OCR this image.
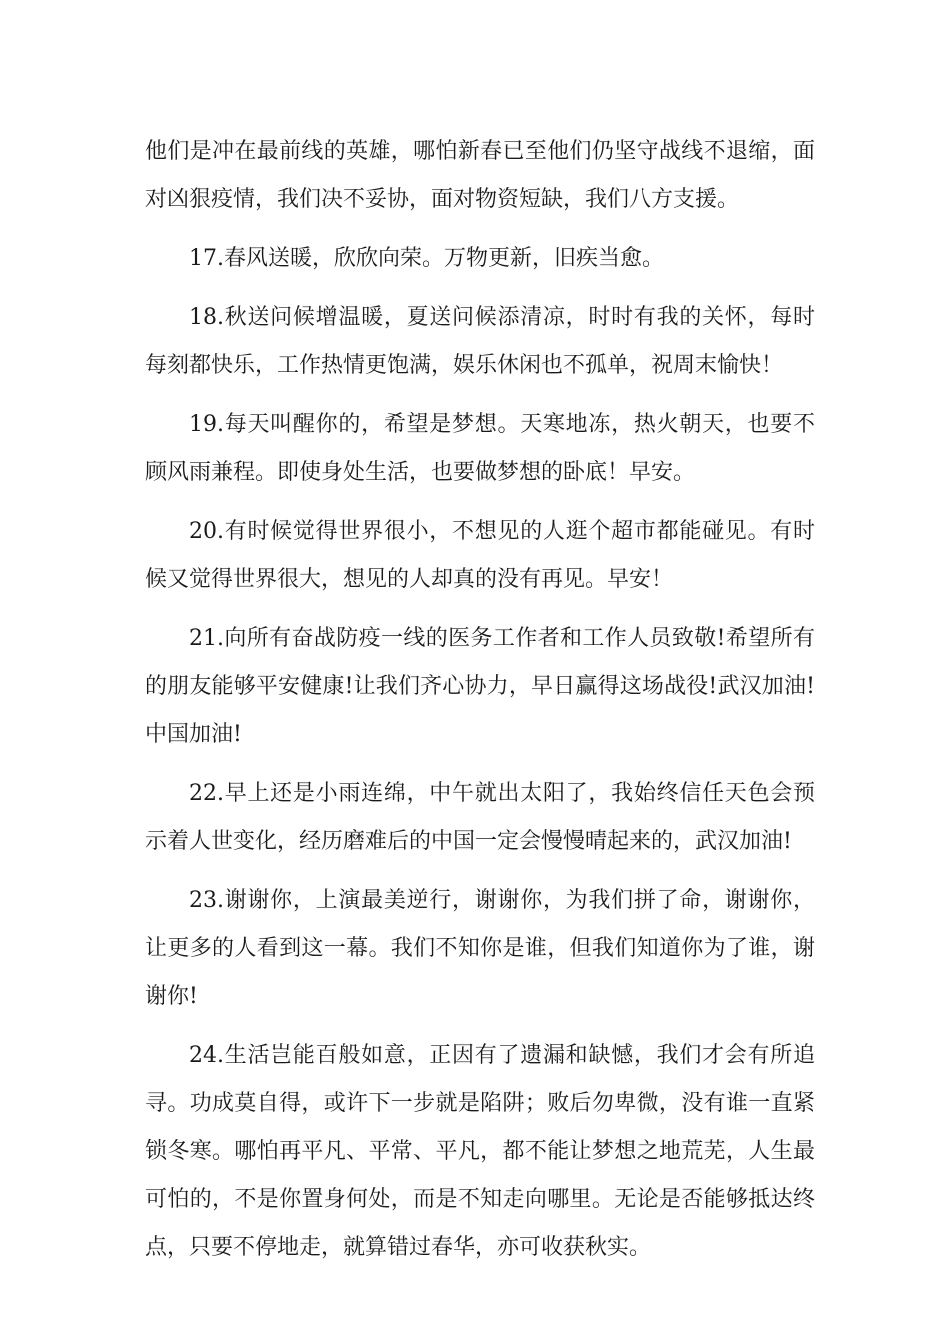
他们是冲在最前线的英雄，哪怕新春已至他们仍坚守战线不退缩，面对凶狠疫情，我们决不妥协，面对物资短缺，我们八方支援。

17.春风送暖，欣欣向荣。万物更新，旧疾当愈。

18.秋送问候增温暖，夏送问候添清凉，时时有我的关怀，每时每刻都快乐，工作热情更饱满，娱乐休闲也不孤单，祝周末愉快！

19.每天叫醒你的，希望是梦想。天寒地冻，热火朝天，也要不顾风雨兼程。即使身处生活，也要做梦想的卧底！早安。

20.有时候觉得世界很小，不想见的人逛个超市都能碰见。有时候又觉得世界很大，想见的人却真的没有再见。早安！

21.向所有奋战防疫一线的医务工作者和工作人员致敬!希望所有的朋友能够平安健康!让我们齐心协力，早日赢得这场战役!武汉加油!中国加油!

22.早上还是小雨连绵，中午就出太阳了，我始终信任天色会预示着人世变化，经历磨难后的中国一定会慢慢晴起来的，武汉加油!

23.谢谢你，上演最美逆行，谢谢你，为我们拼了命，谢谢你，让更多的人看到这一幕。我们不知你是谁，但我们知道你为了谁，谢谢你!

24.生活岂能百般如意，正因有了遗漏和缺憾，我们才会有所追寻。功成莫自得，或许下一步就是陷阱；败后勿卑微，没有谁一直紧锁冬寒。哪怕再平凡、平常、平凡，都不能让梦想之地荒芜，人生最可怕的，不是你置身何处，而是不知走向哪里。无论是否能够抵达终点，只要不停地走，就算错过春华，亦可收获秋实。
